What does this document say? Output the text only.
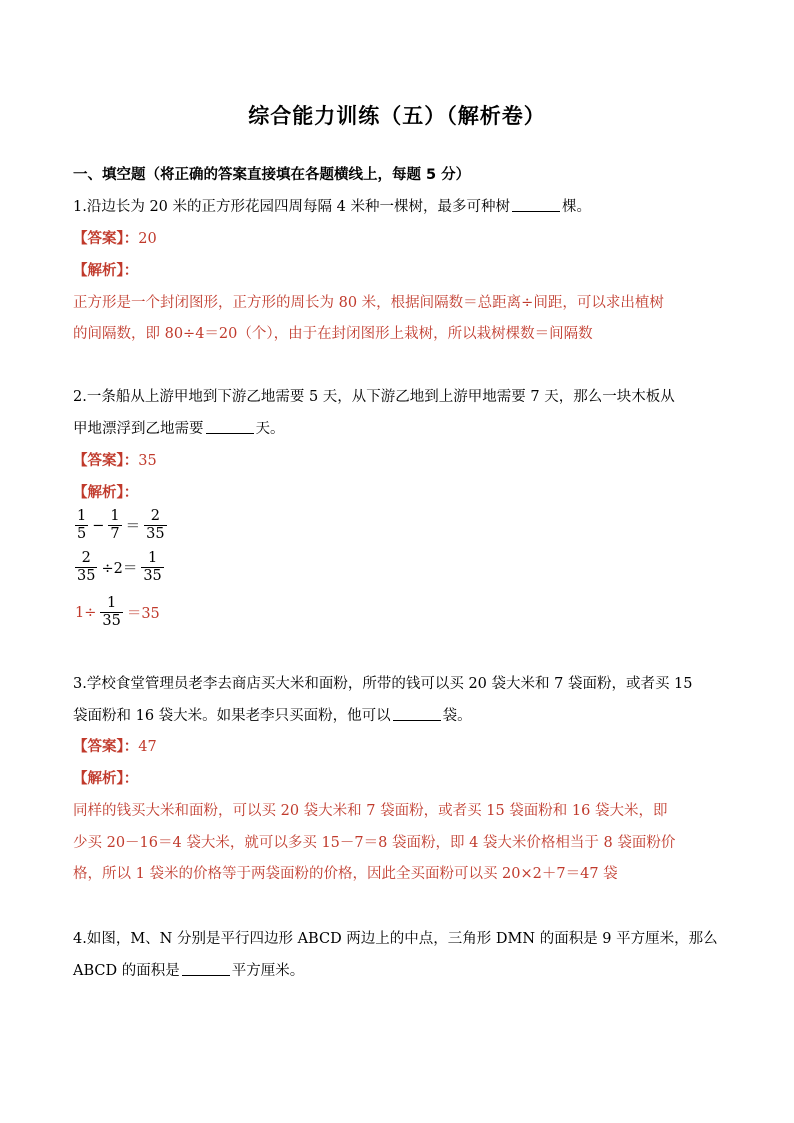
综合能力训练（五）（解析卷）
一、填空题（将正确的答案直接填在各题横线上，每题 5 分）
1.沿边长为 20 米的正方形花园四周每隔 4 米种一棵树，最多可种树	棵。
【答案】：20
【解析】：
正方形是一个封闭图形，正方形的周长为 80 米，根据间隔数＝总距离÷间距，可以求出植树
的间隔数，即 80÷4＝20（个），由于在封闭图形上栽树，所以栽树棵数＝间隔数
2.一条船从上游甲地到下游乙地需要 5 天，从下游乙地到上游甲地需要 7 天，那么一块木板从
甲地漂浮到乙地需要	天。
【答案】：35
【解析】：
$\frac{1}{5} - \frac{1}{7} = \frac{2}{35}$
$\frac{2}{35} \div 2= \frac{1}{35}$
$1\div \frac{1}{35} =35$
3.学校食堂管理员老李去商店买大米和面粉，所带的钱可以买 20 袋大米和 7 袋面粉，或者买 15
袋面粉和 16 袋大米。如果老李只买面粉，他可以	袋。
【答案】：47
【解析】：
同样的钱买大米和面粉，可以买 20 袋大米和 7 袋面粉，或者买 15 袋面粉和 16 袋大米，即
少买 20－16＝4 袋大米，就可以多买 15－7＝8 袋面粉，即 4 袋大米价格相当于 8 袋面粉价
格，所以 1 袋米的价格等于两袋面粉的价格，因此全买面粉可以买 20×2＋7＝47 袋
4.如图，M、N 分别是平行四边形 ABCD 两边上的中点，三角形 DMN 的面积是 9 平方厘米，那么
ABCD 的面积是	平方厘米。
